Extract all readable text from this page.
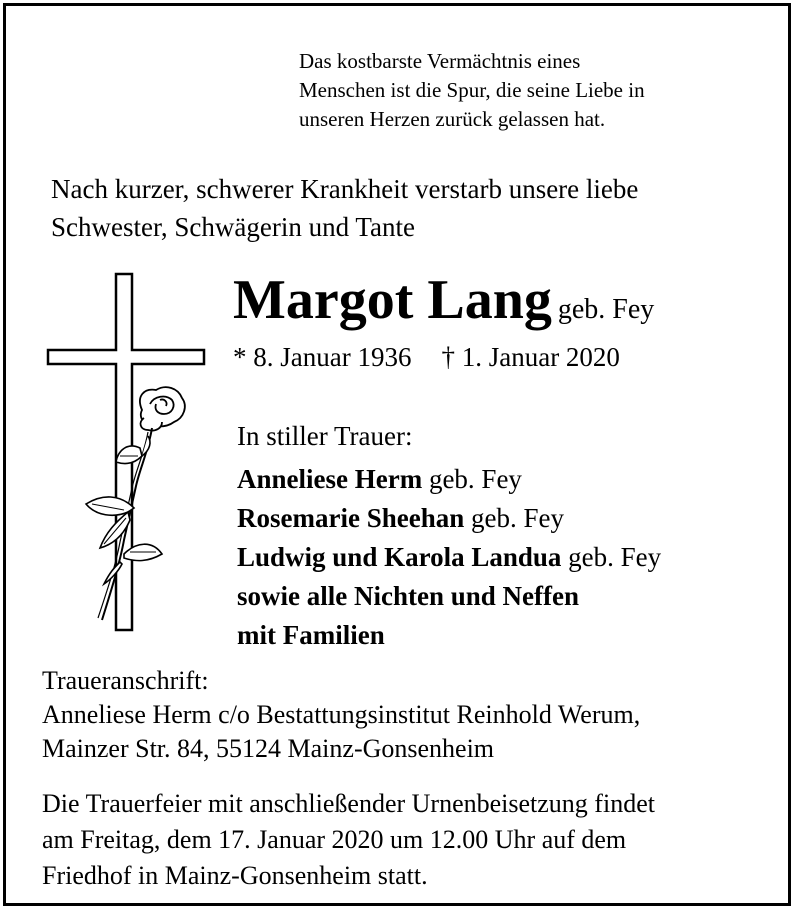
Das kostbarste Vermächtnis eines
Menschen ist die Spur, die seine Liebe in
unseren Herzen zurück gelassen hat.
Nach kurzer, schwerer Krankheit verstarb unsere liebe
Schwester, Schwägerin und Tante
Margot Lang geb. Fey
* 8. Januar 1936 † 1. Januar 2020
In stiller Trauer:
Anneliese Herm geb. Fey
Rosemarie Sheehan geb. Fey
Ludwig und Karola Landua geb. Fey
sowie alle Nichten und Neffen
mit Familien
Traueranschrift:
Anneliese Herm c/o Bestattungsinstitut Reinhold Werum,
Mainzer Str. 84, 55124 Mainz-Gonsenheim
Die Trauerfeier mit anschließender Urnenbeisetzung findet
am Freitag, dem 17. Januar 2020 um 12.00 Uhr auf dem
Friedhof in Mainz-Gonsenheim statt.
